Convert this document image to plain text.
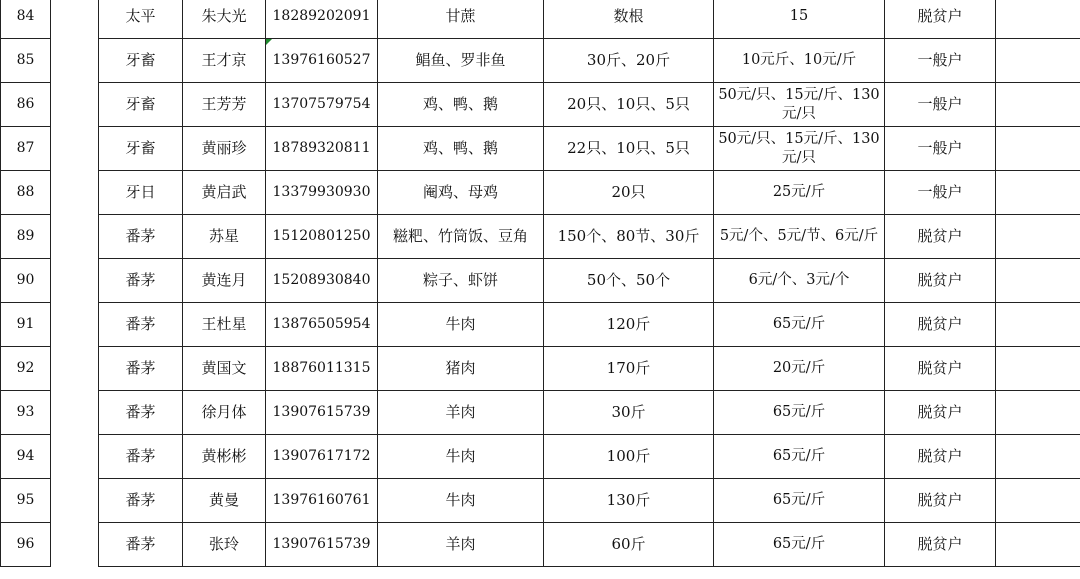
84		太平	朱大光	18289202091	甘蔗	数根	15	脱贫户	
85		牙畜	王才京	13976160527	鲳鱼、罗非鱼	30斤、20斤	10元斤、10元/斤	一般户	
86		牙畜	王芳芳	13707579754	鸡、鸭、鹅	20只、10只、5只	50元/只、15元/斤、130元/只	一般户	
87		牙畜	黄丽珍	18789320811	鸡、鸭、鹅	22只、10只、5只	50元/只、15元/斤、130元/只	一般户	
88		牙日	黄启武	13379930930	阉鸡、母鸡	20只	25元/斤	一般户	
89		番茅	苏星	15120801250	糍粑、竹筒饭、豆角	150个、80节、30斤	5元/个、5元/节、6元/斤	脱贫户	
90		番茅	黄连月	15208930840	粽子、虾饼	50个、50个	6元/个、3元/个	脱贫户	
91		番茅	王杜星	13876505954	牛肉	120斤	65元/斤	脱贫户	
92		番茅	黄国文	18876011315	猪肉	170斤	20元/斤	脱贫户	
93		番茅	徐月体	13907615739	羊肉	30斤	65元/斤	脱贫户	
94		番茅	黄彬彬	13907617172	牛肉	100斤	65元/斤	脱贫户	
95		番茅	黄曼	13976160761	牛肉	130斤	65元/斤	脱贫户	
96		番茅	张玲	13907615739	羊肉	60斤	65元/斤	脱贫户	
